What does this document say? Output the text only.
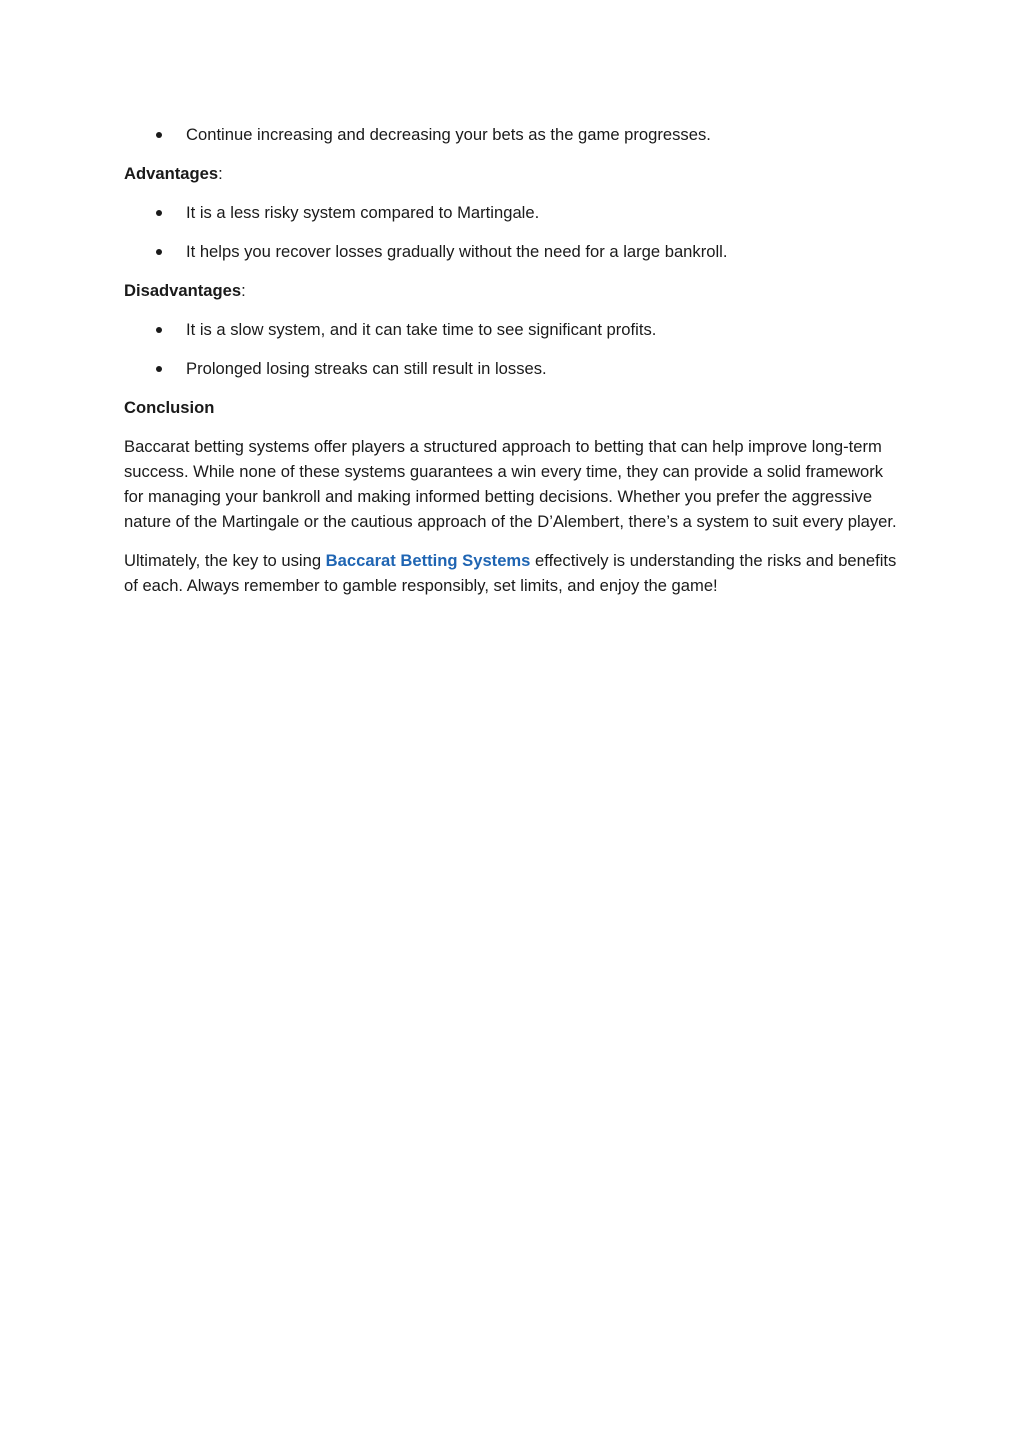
Continue increasing and decreasing your bets as the game progresses.

Advantages:

It is a less risky system compared to Martingale.
It helps you recover losses gradually without the need for a large bankroll.

Disadvantages:

It is a slow system, and it can take time to see significant profits.
Prolonged losing streaks can still result in losses.

Conclusion

Baccarat betting systems offer players a structured approach to betting that can help improve long-term success. While none of these systems guarantees a win every time, they can provide a solid framework for managing your bankroll and making informed betting decisions. Whether you prefer the aggressive nature of the Martingale or the cautious approach of the D’Alembert, there’s a system to suit every player.

Ultimately, the key to using Baccarat Betting Systems effectively is understanding the risks and benefits of each. Always remember to gamble responsibly, set limits, and enjoy the game!
